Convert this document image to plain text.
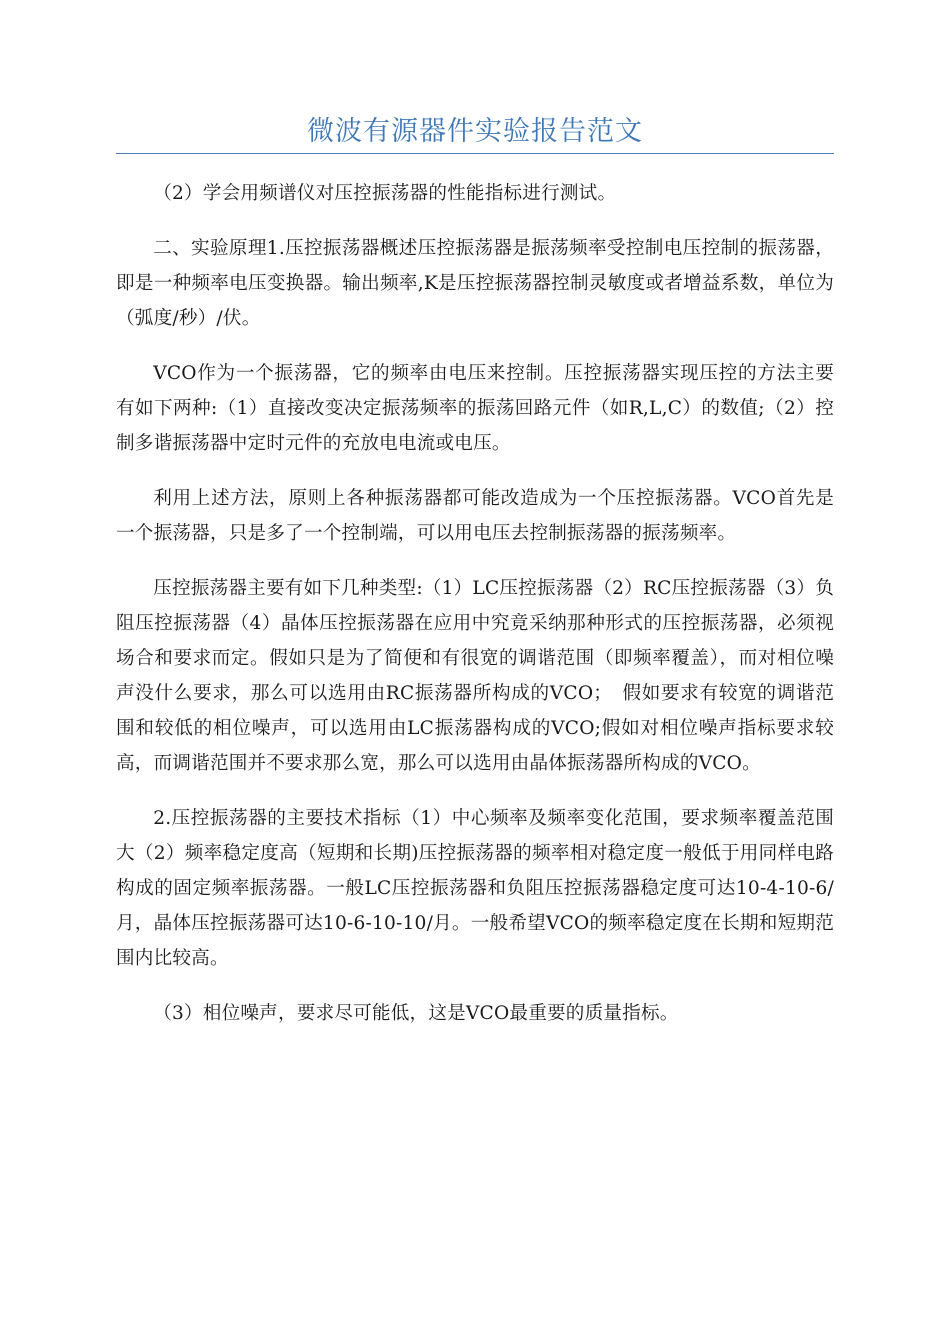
微波有源器件实验报告范文

（2）学会用频谱仪对压控振荡器的性能指标进行测试。

二、实验原理1.压控振荡器概述压控振荡器是振荡频率受控制电压控制的振荡器，即是一种频率电压变换器。输出频率,K是压控振荡器控制灵敏度或者增益系数，单位为（弧度/秒）/伏。

VCO作为一个振荡器，它的频率由电压来控制。压控振荡器实现压控的方法主要有如下两种:（1）直接改变决定振荡频率的振荡回路元件（如R,L,C）的数值;（2）控制多谐振荡器中定时元件的充放电电流或电压。

利用上述方法，原则上各种振荡器都可能改造成为一个压控振荡器。VCO首先是一个振荡器，只是多了一个控制端，可以用电压去控制振荡器的振荡频率。

压控振荡器主要有如下几种类型:（1）LC压控振荡器（2）RC压控振荡器（3）负阻压控振荡器（4）晶体压控振荡器在应用中究竟采纳那种形式的压控振荡器，必须视场合和要求而定。假如只是为了简便和有很宽的调谐范围（即频率覆盖），而对相位噪声没什么要求，那么可以选用由RC振荡器所构成的VCO；　假如要求有较宽的调谐范围和较低的相位噪声，可以选用由LC振荡器构成的VCO;假如对相位噪声指标要求较高，而调谐范围并不要求那么宽，那么可以选用由晶体振荡器所构成的VCO。

2.压控振荡器的主要技术指标（1）中心频率及频率变化范围，要求频率覆盖范围大（2）频率稳定度高（短期和长期)压控振荡器的频率相对稳定度一般低于用同样电路构成的固定频率振荡器。一般LC压控振荡器和负阻压控振荡器稳定度可达10-4-10-6/月，晶体压控振荡器可达10-6-10-10/月。一般希望VCO的频率稳定度在长期和短期范围内比较高。

（3）相位噪声，要求尽可能低，这是VCO最重要的质量指标。
